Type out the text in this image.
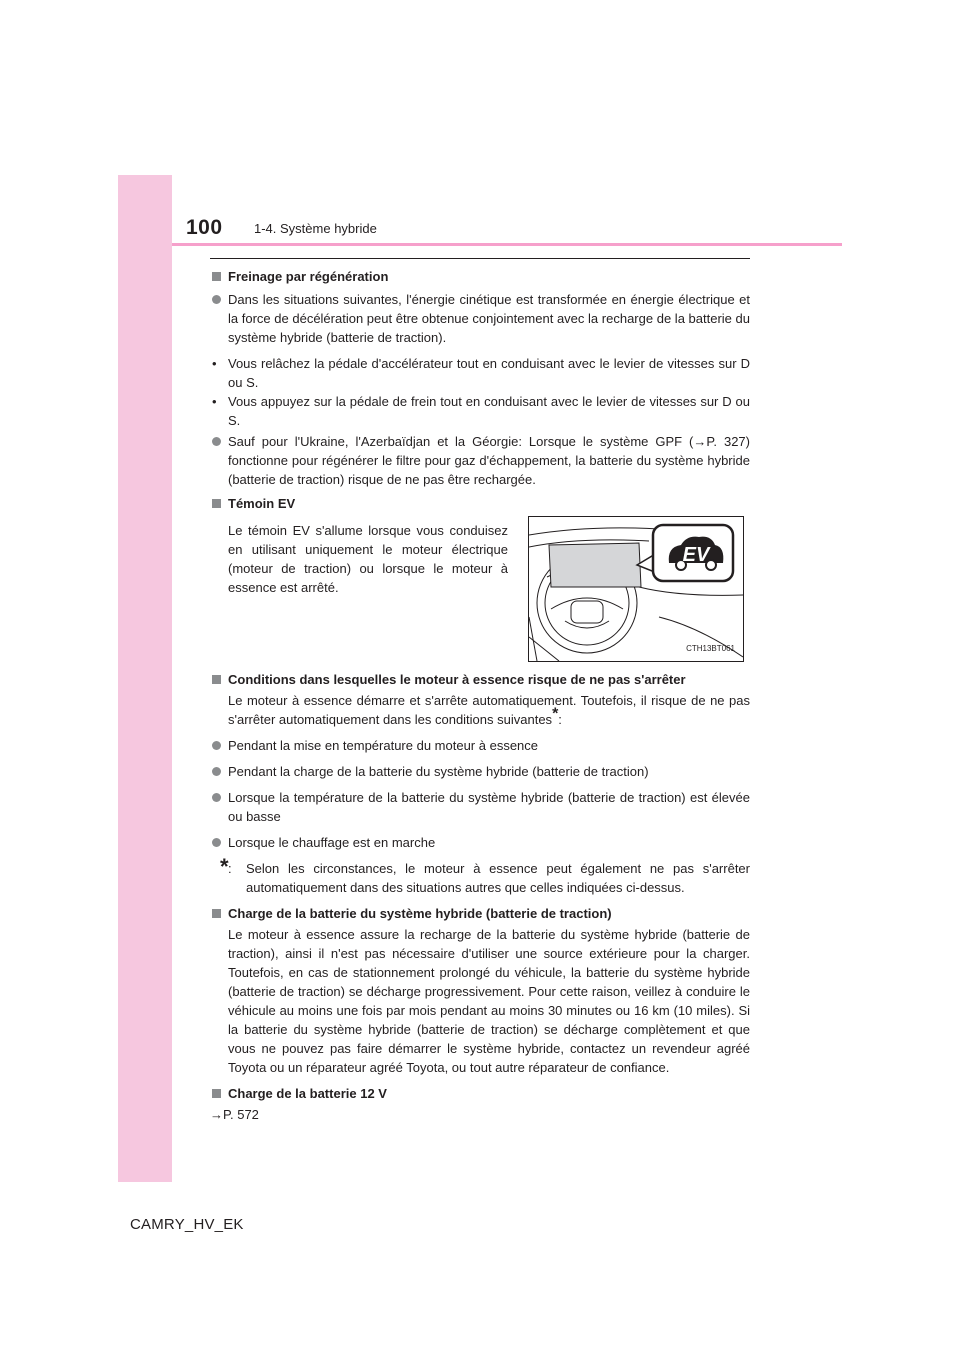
100 1-4. Système hybride

Freinage par régénération

Dans les situations suivantes, l'énergie cinétique est transformée en énergie électrique et la force de décélération peut être obtenue conjointement avec la recharge de la batterie du système hybride (batterie de traction).

• Vous relâchez la pédale d'accélérateur tout en conduisant avec le levier de vitesses sur D ou S.

• Vous appuyez sur la pédale de frein tout en conduisant avec le levier de vitesses sur D ou S.

Sauf pour l'Ukraine, l'Azerbaïdjan et la Géorgie: Lorsque le système GPF (→P. 327) fonctionne pour régénérer le filtre pour gaz d'échappement, la batterie du système hybride (batterie de traction) risque de ne pas être rechargée.

Témoin EV

Le témoin EV s'allume lorsque vous conduisez en utilisant uniquement le moteur électrique (moteur de traction) ou lorsque le moteur à essence est arrêté.

EV
CTH13BT061

Conditions dans lesquelles le moteur à essence risque de ne pas s'arrêter

Le moteur à essence démarre et s'arrête automatiquement. Toutefois, il risque de ne pas s'arrêter automatiquement dans les conditions suivantes*:

Pendant la mise en température du moteur à essence

Pendant la charge de la batterie du système hybride (batterie de traction)

Lorsque la température de la batterie du système hybride (batterie de traction) est élevée ou basse

Lorsque le chauffage est en marche

* : Selon les circonstances, le moteur à essence peut également ne pas s'arrêter automatiquement dans des situations autres que celles indiquées ci-dessus.

Charge de la batterie du système hybride (batterie de traction)

Le moteur à essence assure la recharge de la batterie du système hybride (batterie de traction), ainsi il n'est pas nécessaire d'utiliser une source extérieure pour la charger. Toutefois, en cas de stationnement prolongé du véhicule, la batterie du système hybride (batterie de traction) se décharge progressivement. Pour cette raison, veillez à conduire le véhicule au moins une fois par mois pendant au moins 30 minutes ou 16 km (10 miles). Si la batterie du système hybride (batterie de traction) se décharge complètement et que vous ne pouvez pas faire démarrer le système hybride, contactez un revendeur agréé Toyota ou un réparateur agréé Toyota, ou tout autre réparateur de confiance.

Charge de la batterie 12 V

→P. 572

CAMRY_HV_EK
